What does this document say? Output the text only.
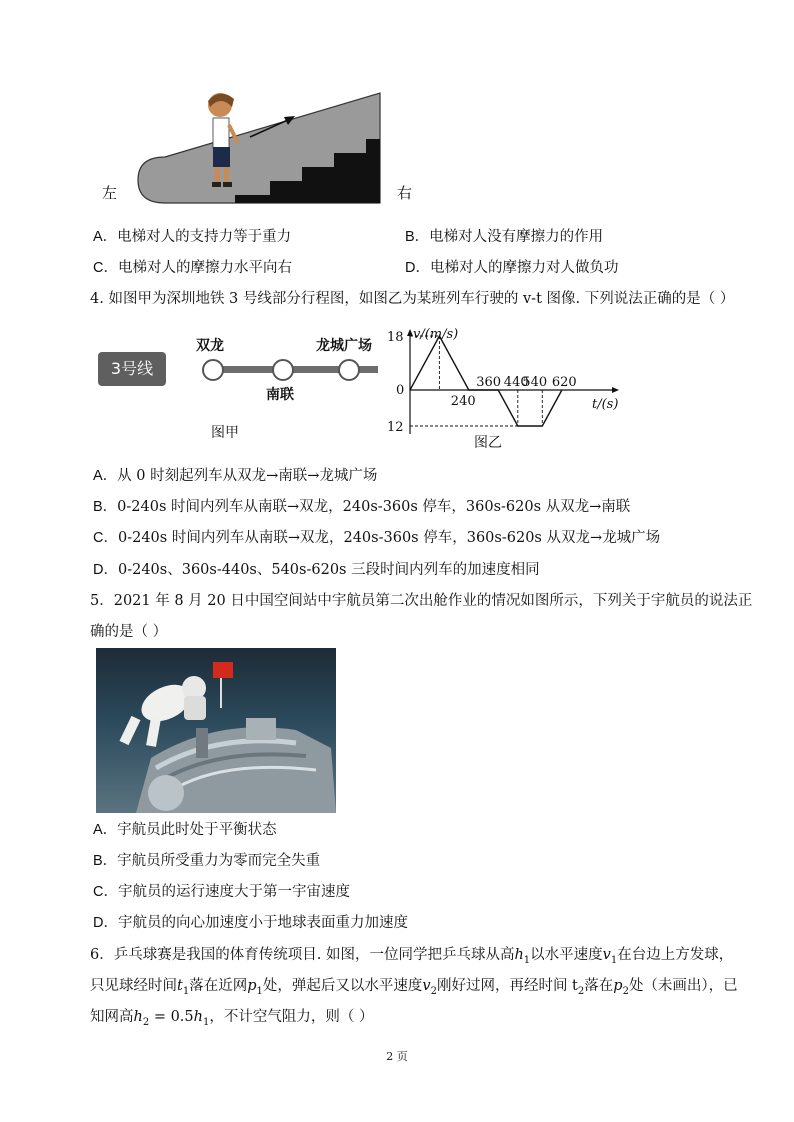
左	右
A．电梯对人的支持力等于重力	B．电梯对人没有摩擦力的作用
C．电梯对人的摩擦力水平向右	D．电梯对人的摩擦力对人做负功
4. 如图甲为深圳地铁 3 号线部分行程图，如图乙为某班列车行驶的 v-t 图像. 下列说法正确的是（ ）
3号线
双龙
南联
龙城广场
图甲
v/(m/s)
t/(s)
18
0
12
240
360 440
540 620
图乙
A．从 0 时刻起列车从双龙→南联→龙城广场
B．0-240s 时间内列车从南联→双龙，240s-360s 停车，360s-620s 从双龙→南联
C．0-240s 时间内列车从南联→双龙，240s-360s 停车，360s-620s 从双龙→龙城广场
D．0-240s、360s-440s、540s-620s 三段时间内列车的加速度相同
5．2021 年 8 月 20 日中国空间站中宇航员第二次出舱作业的情况如图所示，下列关于宇航员的说法正
确的是（ ）
A．宇航员此时处于平衡状态
B．宇航员所受重力为零而完全失重
C．宇航员的运行速度大于第一宇宙速度
D．宇航员的向心加速度小于地球表面重力加速度
6．乒乓球赛是我国的体育传统项目. 如图，一位同学把乒乓球从高$h_1$以水平速度$v_1$在台边上方发球，
只见球经时间$t_1$落在近网$p_1$处，弹起后又以水平速度$v_2$刚好过网，再经时间 $t_2$落在$p_2$处（未画出），已
知网高$h_2 = 0.5h_1$，不计空气阻力，则（ ）
2 页
